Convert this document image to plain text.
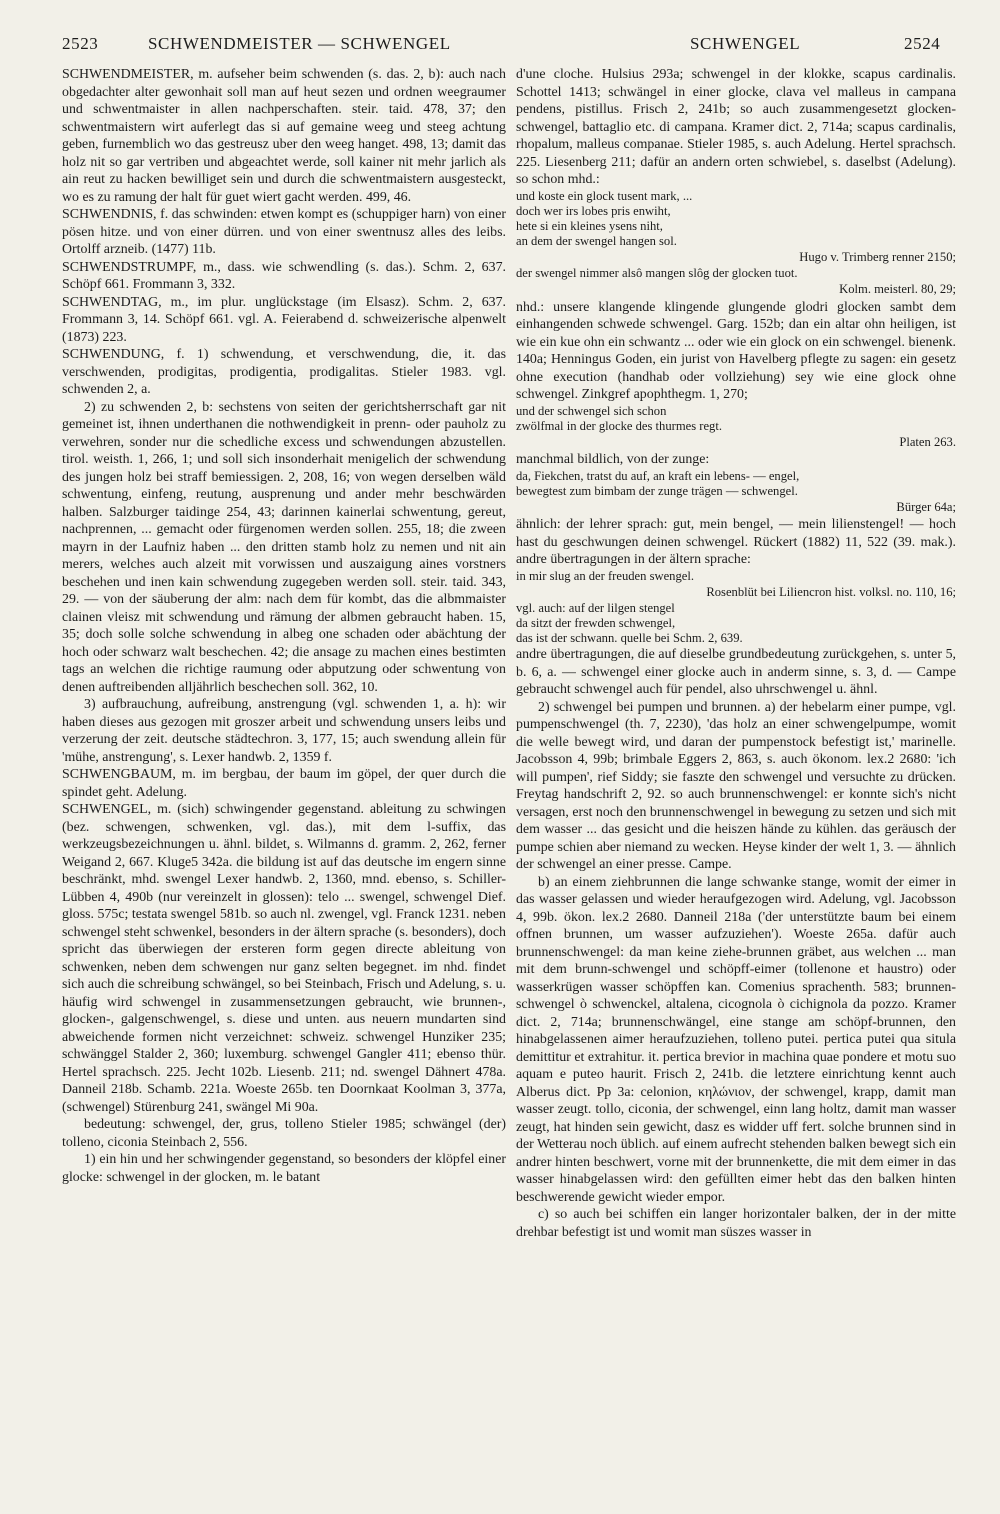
2523	SCHWENDMEISTER — SCHWENGEL	SCHWENGEL	2524

SCHWENDMEISTER, m. aufseher beim schwenden (s. das. 2, b): auch nach obgedachter alter gewonhait soll man auf heut sezen und ordnen weegraumer und schwentmaister in allen nachperschaften. steir. taid. 478, 37; den schwentmaistern wirt auferlegt das si auf gemaine weeg und steeg achtung geben, furnemblich wo das gestreusz uber den weeg hanget. 498, 13; damit das holz nit so gar vertriben und abgeachtet werde, soll kainer nit mehr jarlich als ain reut zu hacken bewilliget sein und durch die schwentmaistern ausgesteckt, wo es zu ramung der halt für guet wiert gacht werden. 499, 46.

SCHWENDNIS, f. das schwinden: etwen kompt es (schuppiger harn) von einer pösen hitze. und von einer dürren. und von einer swentnusz alles des leibs. Ortolff arzneib. (1477) 11b.

SCHWENDSTRUMPF, m., dass. wie schwendling (s. das.). Schm. 2, 637. Schöpf 661. Frommann 3, 332.

SCHWENDTAG, m., im plur. unglückstage (im Elsasz). Schm. 2, 637. Frommann 3, 14. Schöpf 661. vgl. A. Feierabend d. schweizerische alpenwelt (1873) 223.

SCHWENDUNG, f. 1) schwendung, et verschwendung, die, it. das verschwenden, prodigitas, prodigentia, prodigalitas. Stieler 1983. vgl. schwenden 2, a.

2) zu schwenden 2, b: sechstens von seiten der gerichtsherrschaft gar nit gemeinet ist, ihnen underthanen die nothwendigkeit in prenn- oder pauholz zu verwehren, sonder nur die schedliche excess und schwendungen abzustellen. tirol. weisth. 1, 266, 1; und soll sich insonderhait menigelich der schwendung des jungen holz bei straff bemiessigen. 2, 208, 16; von wegen derselben wäld schwentung, einfeng, reutung, ausprenung und ander mehr beschwärden halben. Salzburger taidinge 254, 43; darinnen kainerlai schwentung, gereut, nachprennen, ... gemacht oder fürgenomen werden sollen. 255, 18; die zween mayrn in der Laufniz haben ... den dritten stamb holz zu nemen und nit ain merers, welches auch alzeit mit vorwissen und auszaigung aines vorstners beschehen und inen kain schwendung zugegeben werden soll. steir. taid. 343, 29. — von der säuberung der alm: nach dem für kombt, das die albmmaister clainen vleisz mit schwendung und rämung der albmen gebraucht haben. 15, 35; doch solle solche schwendung in albeg one schaden oder abächtung der hoch oder schwarz walt beschechen. 42; die ansage zu machen eines bestimten tags an welchen die richtige raumung oder abputzung oder schwentung von denen auftreibenden alljährlich beschechen soll. 362, 10.

3) aufbrauchung, aufreibung, anstrengung (vgl. schwenden 1, a. h): wir haben dieses aus gezogen mit groszer arbeit und schwendung unsers leibs und verzerung der zeit. deutsche städtechron. 3, 177, 15; auch swendung allein für 'mühe, anstrengung', s. Lexer handwb. 2, 1359 f.

SCHWENGBAUM, m. im bergbau, der baum im göpel, der quer durch die spindet geht. Adelung.

SCHWENGEL, m. (sich) schwingender gegenstand. ableitung zu schwingen (bez. schwengen, schwenken, vgl. das.), mit dem l-suffix, das werkzeugsbezeichnungen u. ähnl. bildet, s. Wilmanns d. gramm. 2, 262, ferner Weigand 2, 667. Kluge5 342a. die bildung ist auf das deutsche im engern sinne beschränkt, mhd. swengel Lexer handwb. 2, 1360, mnd. ebenso, s. Schiller-Lübben 4, 490b (nur vereinzelt in glossen): telo ... swengel, schwengel Dief. gloss. 575c; testata swengel 581b. so auch nl. zwengel, vgl. Franck 1231. neben schwengel steht schwenkel, besonders in der ältern sprache (s. besonders), doch spricht das überwiegen der ersteren form gegen directe ableitung von schwenken, neben dem schwengen nur ganz selten begegnet. im nhd. findet sich auch die schreibung schwängel, so bei Steinbach, Frisch und Adelung, s. u. häufig wird schwengel in zusammensetzungen gebraucht, wie brunnen-, glocken-, galgenschwengel, s. diese und unten. aus neuern mundarten sind abweichende formen nicht verzeichnet: schweiz. schwengel Hunziker 235; schwänggel Stalder 2, 360; luxemburg. schwengel Gangler 411; ebenso thür. Hertel sprachsch. 225. Jecht 102b. Liesenb. 211; nd. swengel Dähnert 478a. Danneil 218b. Schamb. 221a. Woeste 265b. ten Doornkaat Koolman 3, 377a, (schwengel) Stürenburg 241, swängel Mi 90a.

bedeutung: schwengel, der, grus, tolleno Stieler 1985; schwängel (der) tolleno, ciconia Steinbach 2, 556.

1) ein hin und her schwingender gegenstand, so besonders der klöpfel einer glocke: schwengel in der glocken, m. le batant

d'une cloche. Hulsius 293a; schwengel in der klokke, scapus cardinalis. Schottel 1413; schwängel in einer glocke, clava vel malleus in campana pendens, pistillus. Frisch 2, 241b; so auch zusammengesetzt glocken-schwengel, battaglio etc. di campana. Kramer dict. 2, 714a; scapus cardinalis, rhopalum, malleus companae. Stieler 1985, s. auch Adelung. Hertel sprachsch. 225. Liesenberg 211; dafür an andern orten schwiebel, s. daselbst (Adelung). so schon mhd.:

und koste ein glock tusent mark, ...
doch wer irs lobes pris enwiht,
hete si ein kleines ysens niht,
an dem der swengel hangen sol.

Hugo v. Trimberg renner 2150;

der swengel nimmer alsô mangen slôg der glocken tuot.

Kolm. meisterl. 80, 29;

nhd.: unsere klangende klingende glungende glodri glocken sambt dem einhangenden schwede schwengel. Garg. 152b; dan ein altar ohn heiligen, ist wie ein kue ohn ein schwantz ... oder wie ein glock on ein schwengel. bienenk. 140a; Henningus Goden, ein jurist von Havelberg pflegte zu sagen: ein gesetz ohne execution (handhab oder vollziehung) sey wie eine glock ohne schwengel. Zinkgref apophthegm. 1, 270;

und der schwengel sich schon
zwölfmal in der glocke des thurmes regt.

Platen 263.

manchmal bildlich, von der zunge:

da, Fiekchen, tratst du auf, an kraft ein lebens- — engel,
bewegtest zum bimbam der zunge trägen — schwengel.

Bürger 64a;

ähnlich: der lehrer sprach: gut, mein bengel, — mein lilienstengel! — hoch hast du geschwungen deinen schwengel. Rückert (1882) 11, 522 (39. mak.). andre übertragungen in der ältern sprache:

in mir slug an der freuden swengel.

Rosenblüt bei Liliencron hist. volksl. no. 110, 16;

vgl. auch: auf der lilgen stengel
da sitzt der frewden schwengel,
das ist der schwann. quelle bei Schm. 2, 639.

andre übertragungen, die auf dieselbe grundbedeutung zurückgehen, s. unter 5, b. 6, a. — schwengel einer glocke auch in anderm sinne, s. 3, d. — Campe gebraucht schwengel auch für pendel, also uhrschwengel u. ähnl.

2) schwengel bei pumpen und brunnen. a) der hebelarm einer pumpe, vgl. pumpenschwengel (th. 7, 2230), 'das holz an einer schwengelpumpe, womit die welle bewegt wird, und daran der pumpenstock befestigt ist,' marinelle. Jacobsson 4, 99b; brimbale Eggers 2, 863, s. auch ökonom. lex.2 2680: 'ich will pumpen', rief Siddy; sie faszte den schwengel und versuchte zu drücken. Freytag handschrift 2, 92. so auch brunnenschwengel: er konnte sich's nicht versagen, erst noch den brunnenschwengel in bewegung zu setzen und sich mit dem wasser ... das gesicht und die heiszen hände zu kühlen. das geräusch der pumpe schien aber niemand zu wecken. Heyse kinder der welt 1, 3. — ähnlich der schwengel an einer presse. Campe.

b) an einem ziehbrunnen die lange schwanke stange, womit der eimer in das wasser gelassen und wieder heraufgezogen wird. Adelung, vgl. Jacobsson 4, 99b. ökon. lex.2 2680. Danneil 218a ('der unterstützte baum bei einem offnen brunnen, um wasser aufzuziehen'). Woeste 265a. dafür auch brunnenschwengel: da man keine ziehe-brunnen gräbet, aus welchen ... man mit dem brunn-schwengel und schöpff-eimer (tollenone et haustro) oder wasserkrügen wasser schöpffen kan. Comenius sprachenth. 583; brunnen-schwengel ò schwenckel, altalena, cicognola ò cichignola da pozzo. Kramer dict. 2, 714a; brunnenschwängel, eine stange am schöpf-brunnen, den hinabgelassenen aimer heraufzuziehen, tolleno putei. pertica putei qua situla demittitur et extrahitur. it. pertica brevior in machina quae pondere et motu suo aquam e puteo haurit. Frisch 2, 241b. die letztere einrichtung kennt auch Alberus dict. Pp 3a: celonion, κηλώνιον, der schwengel, krapp, damit man wasser zeugt. tollo, ciconia, der schwengel, einn lang holtz, damit man wasser zeugt, hat hinden sein gewicht, dasz es widder uff fert. solche brunnen sind in der Wetterau noch üblich. auf einem aufrecht stehenden balken bewegt sich ein andrer hinten beschwert, vorne mit der brunnenkette, die mit dem eimer in das wasser hinabgelassen wird: den gefüllten eimer hebt das den balken hinten beschwerende gewicht wieder empor.

c) so auch bei schiffen ein langer horizontaler balken, der in der mitte drehbar befestigt ist und womit man süszes wasser in
